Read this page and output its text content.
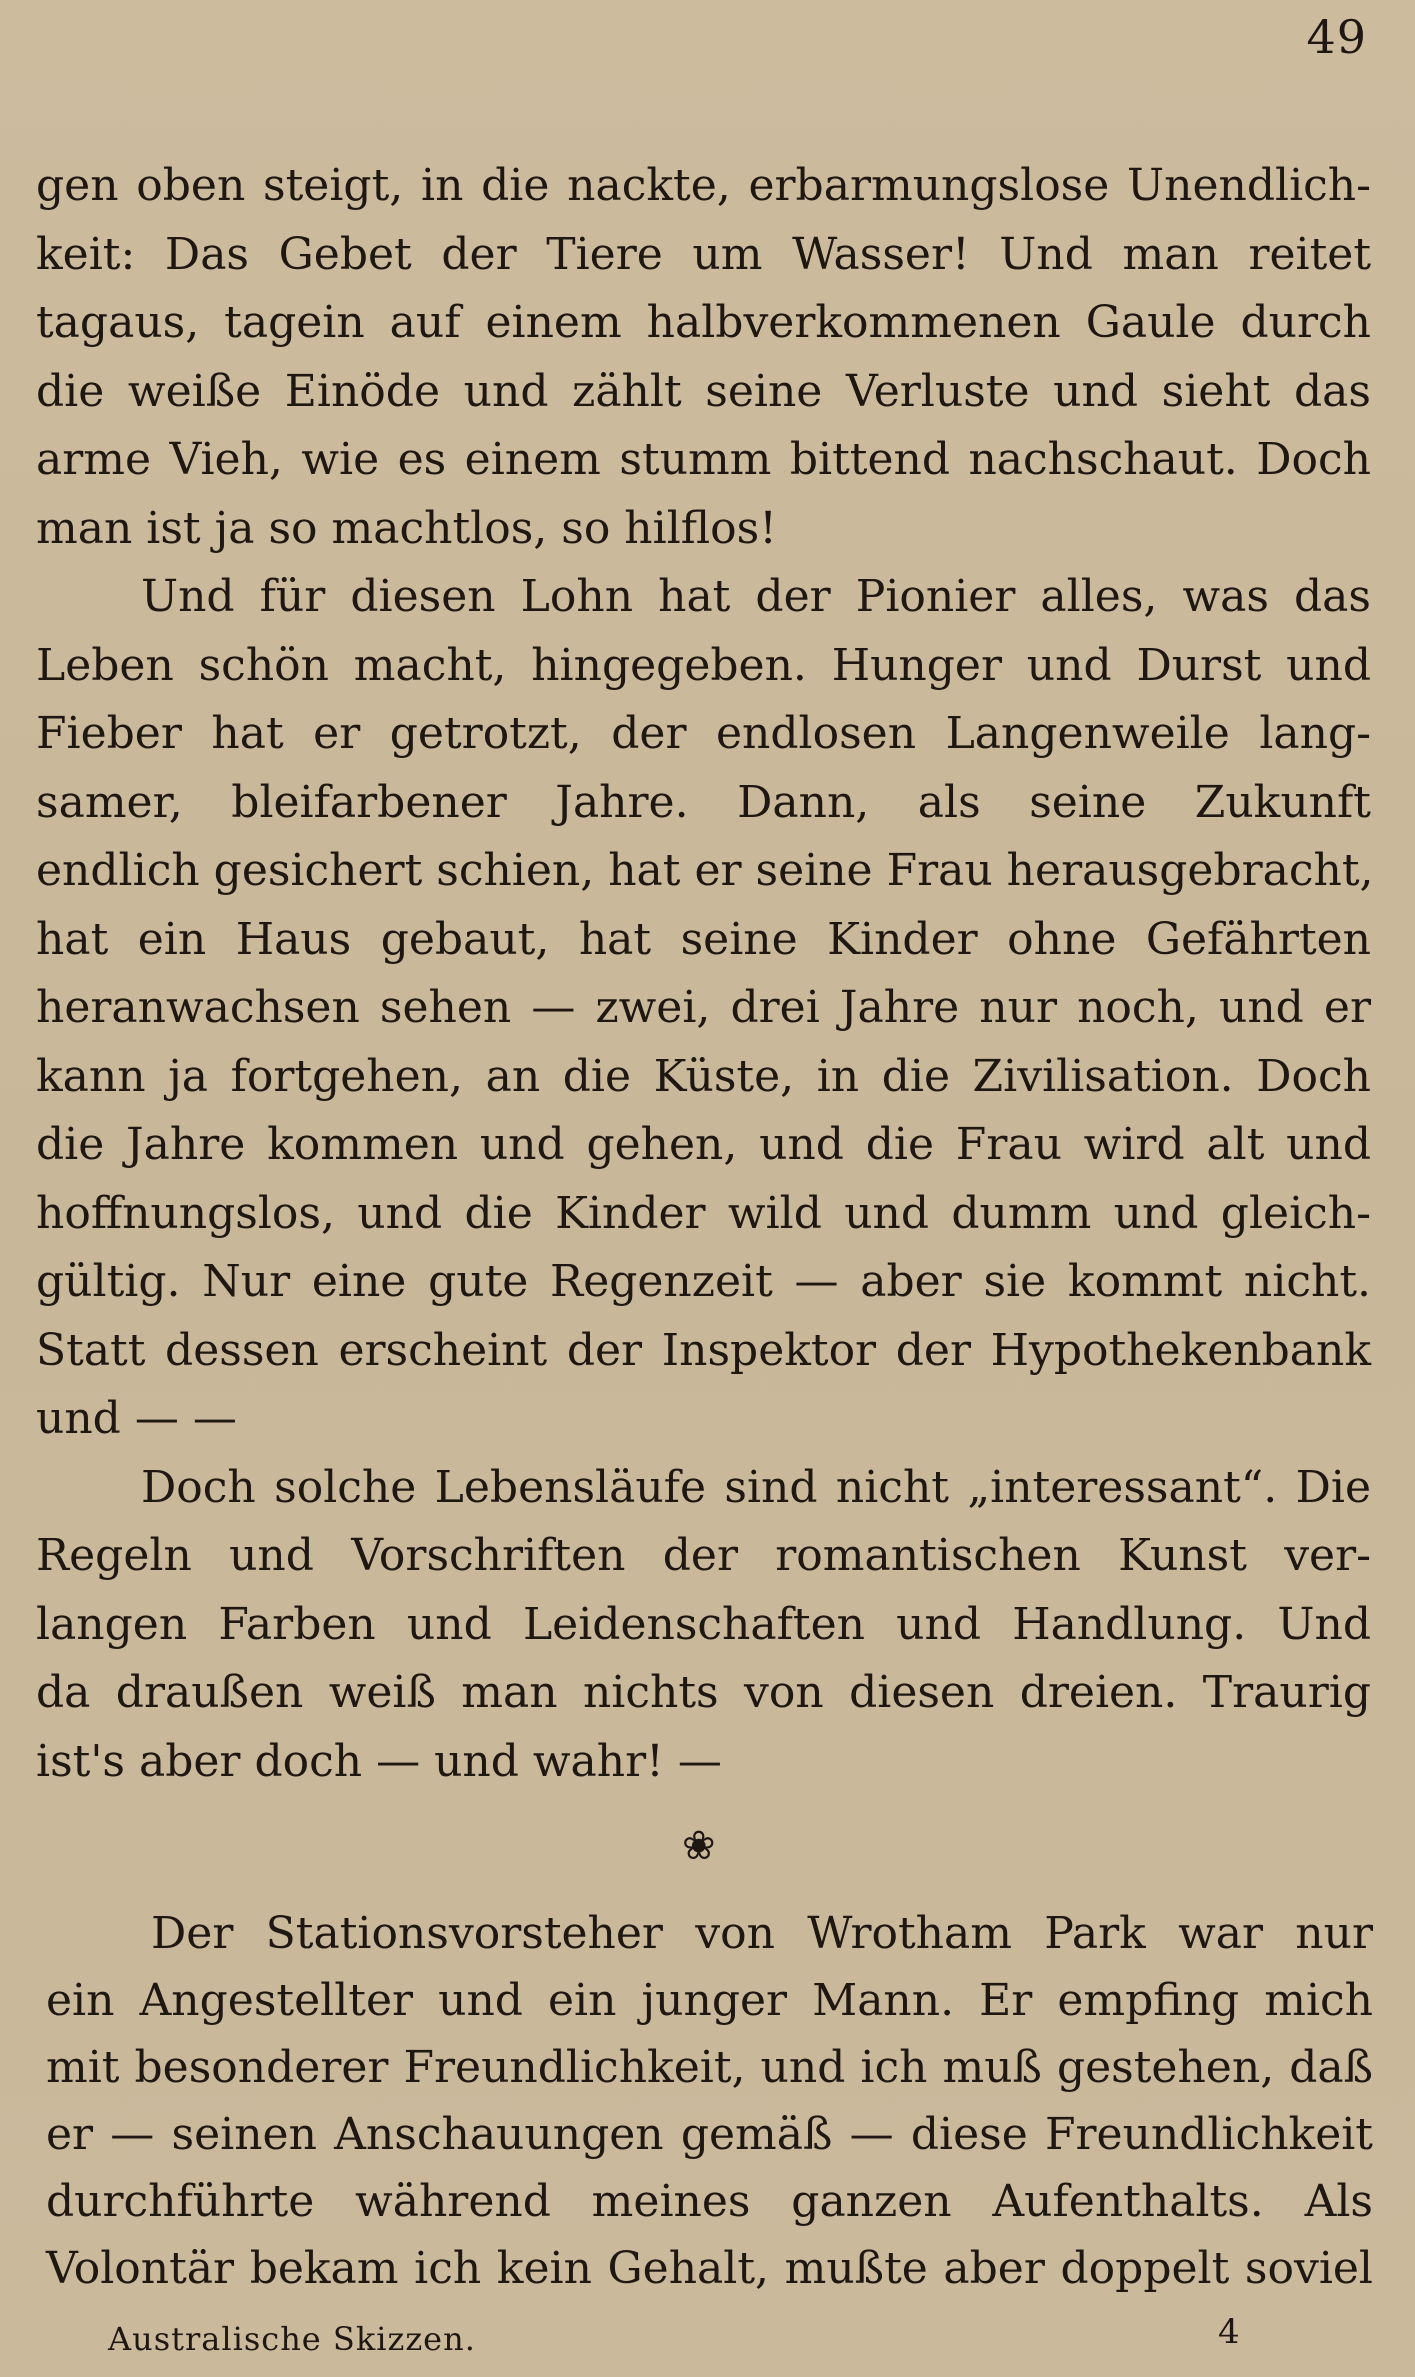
49
gen oben steigt, in die nackte, erbarmungslose Unendlich-
keit: Das Gebet der Tiere um Wasser! Und man reitet
tagaus, tagein auf einem halbverkommenen Gaule durch
die weiße Einöde und zählt seine Verluste und sieht das
arme Vieh, wie es einem stumm bittend nachschaut. Doch
man ist ja so machtlos, so hilflos!
Und für diesen Lohn hat der Pionier alles, was das
Leben schön macht, hingegeben. Hunger und Durst und
Fieber hat er getrotzt, der endlosen Langenweile lang-
samer, bleifarbener Jahre. Dann, als seine Zukunft
endlich gesichert schien, hat er seine Frau herausgebracht,
hat ein Haus gebaut, hat seine Kinder ohne Gefährten
heranwachsen sehen — zwei, drei Jahre nur noch, und er
kann ja fortgehen, an die Küste, in die Zivilisation. Doch
die Jahre kommen und gehen, und die Frau wird alt und
hoffnungslos, und die Kinder wild und dumm und gleich-
gültig. Nur eine gute Regenzeit — aber sie kommt nicht.
Statt dessen erscheint der Inspektor der Hypothekenbank
und — —
Doch solche Lebensläufe sind nicht „interessant“. Die
Regeln und Vorschriften der romantischen Kunst ver-
langen Farben und Leidenschaften und Handlung. Und
da draußen weiß man nichts von diesen dreien. Traurig
ist's aber doch — und wahr! —
❀
Der Stationsvorsteher von Wrotham Park war nur
ein Angestellter und ein junger Mann. Er empfing mich
mit besonderer Freundlichkeit, und ich muß gestehen, daß
er — seinen Anschauungen gemäß — diese Freundlichkeit
durchführte während meines ganzen Aufenthalts. Als
Volontär bekam ich kein Gehalt, mußte aber doppelt soviel
Australische Skizzen.	4
